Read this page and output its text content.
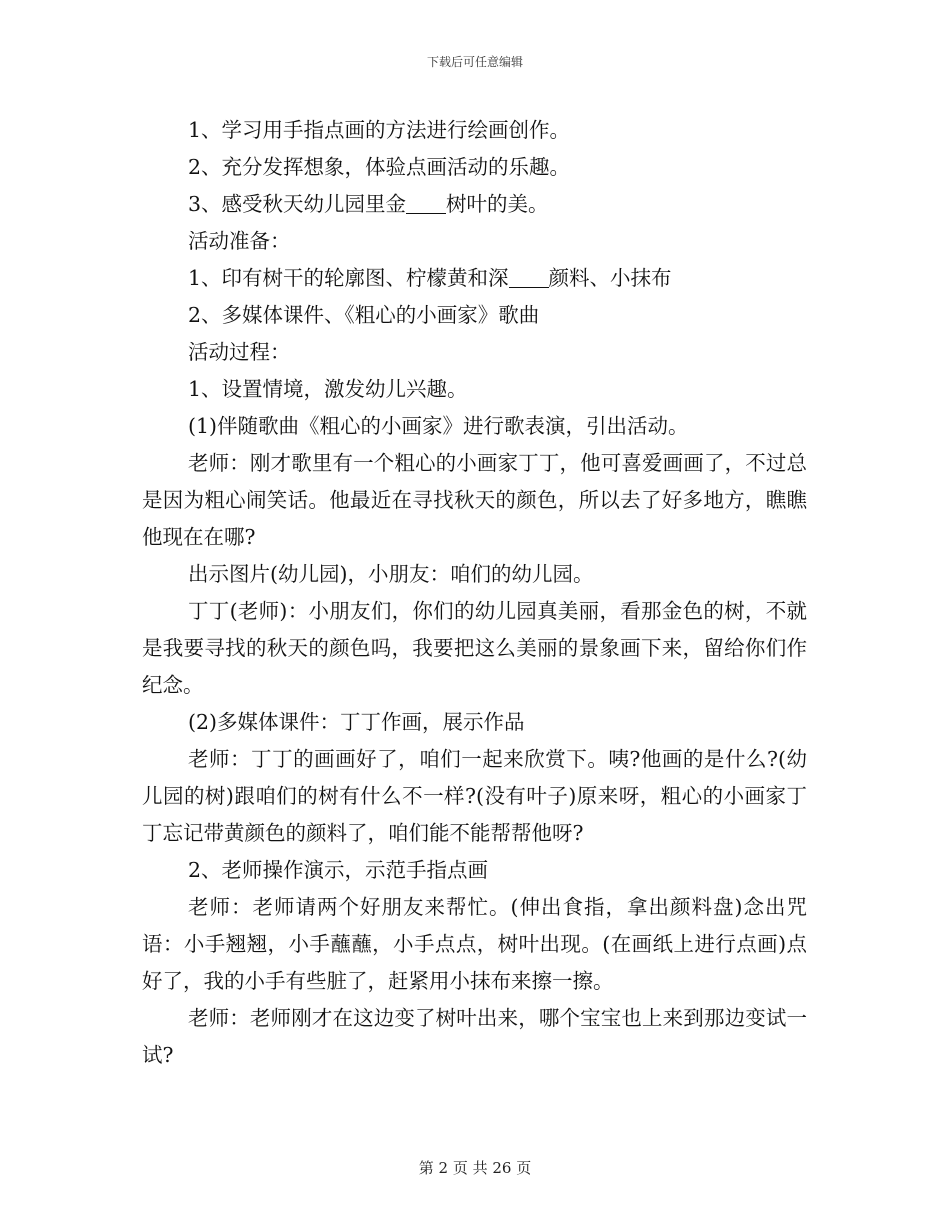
下载后可任意编辑

1、学习用手指点画的方法进行绘画创作。

2、充分发挥想象，体验点画活动的乐趣。

3、感受秋天幼儿园里金 树叶的美。

活动准备：

1、印有树干的轮廓图、柠檬黄和深 颜料、小抹布

2、多媒体课件、《粗心的小画家》歌曲

活动过程：

1、设置情境，激发幼儿兴趣。

(1)伴随歌曲《粗心的小画家》进行歌表演，引出活动。

老师：刚才歌里有一个粗心的小画家丁丁，他可喜爱画画了，不过总是因为粗心闹笑话。他最近在寻找秋天的颜色，所以去了好多地方，瞧瞧他现在在哪?

出示图片(幼儿园)，小朋友：咱们的幼儿园。

丁丁(老师)：小朋友们，你们的幼儿园真美丽，看那金色的树，不就是我要寻找的秋天的颜色吗，我要把这么美丽的景象画下来，留给你们作纪念。

(2)多媒体课件：丁丁作画，展示作品

老师：丁丁的画画好了，咱们一起来欣赏下。咦?他画的是什么?(幼儿园的树)跟咱们的树有什么不一样?(没有叶子)原来呀，粗心的小画家丁丁忘记带黄颜色的颜料了，咱们能不能帮帮他呀?

2、老师操作演示，示范手指点画

老师：老师请两个好朋友来帮忙。(伸出食指，拿出颜料盘)念出咒语：小手翘翘，小手蘸蘸，小手点点，树叶出现。(在画纸上进行点画)点好了，我的小手有些脏了，赶紧用小抹布来擦一擦。

老师：老师刚才在这边变了树叶出来，哪个宝宝也上来到那边变试一试?

第 2 页 共 26 页
